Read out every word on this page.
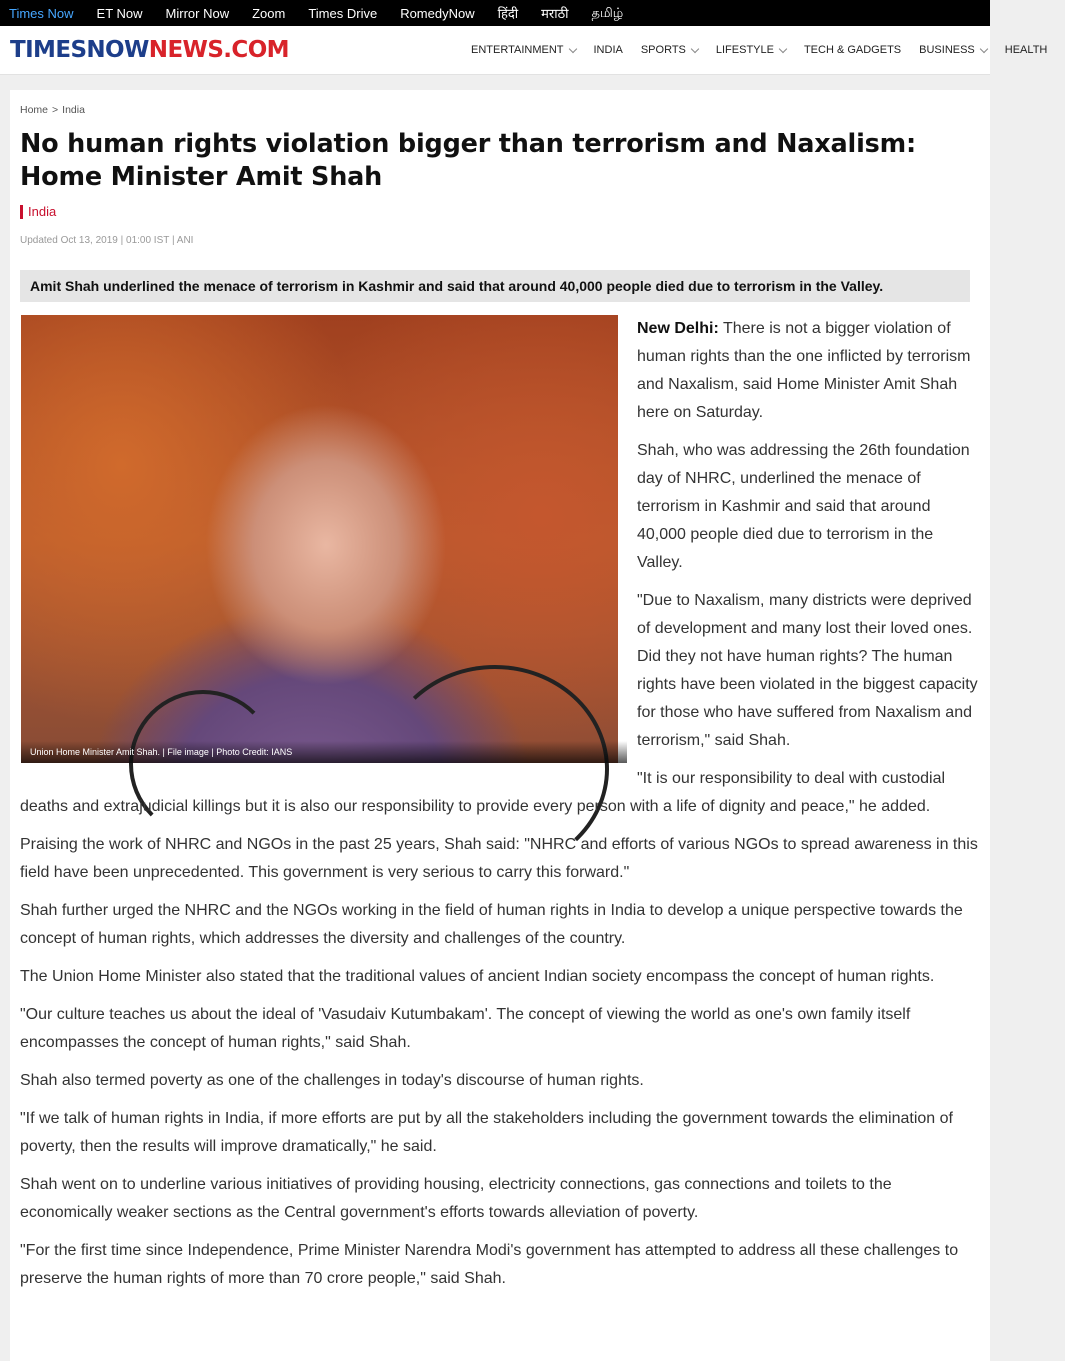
Times Now ET Now Mirror Now Zoom Times Drive RomedyNow हिंदी मराठी தமிழ்
TIMESNOWNEWS.COM	ENTERTAINMENT	INDIA SPORTS	LIFESTYLE	TECH & GADGETS BUSINESS	HEALTH
Home > India
No human rights violation bigger than terrorism and Naxalism: Home Minister Amit Shah
India
Updated Oct 13, 2019 | 01:00 IST | ANI
Amit Shah underlined the menace of terrorism in Kashmir and said that around 40,000 people died due to terrorism in the Valley.
Union Home Minister Amit Shah. | File image | Photo Credit: IANS

New Delhi: There is not a bigger violation of human rights than the one inflicted by terrorism and Naxalism, said Home Minister Amit Shah here on Saturday.

Shah, who was addressing the 26th foundation day of NHRC, underlined the menace of terrorism in Kashmir and said that around 40,000 people died due to terrorism in the Valley.

"Due to Naxalism, many districts were deprived of development and many lost their loved ones. Did they not have human rights? The human rights have been violated in the biggest capacity for those who have suffered from Naxalism and terrorism," said Shah.

"It is our responsibility to deal with custodial deaths and extrajudicial killings but it is also our responsibility to provide every person with a life of dignity and peace," he added.

Praising the work of NHRC and NGOs in the past 25 years, Shah said: "NHRC and efforts of various NGOs to spread awareness in this field have been unprecedented. This government is very serious to carry this forward."

Shah further urged the NHRC and the NGOs working in the field of human rights in India to develop a unique perspective towards the concept of human rights, which addresses the diversity and challenges of the country.

The Union Home Minister also stated that the traditional values of ancient Indian society encompass the concept of human rights.

"Our culture teaches us about the ideal of 'Vasudaiv Kutumbakam'. The concept of viewing the world as one's own family itself encompasses the concept of human rights," said Shah.

Shah also termed poverty as one of the challenges in today's discourse of human rights.

"If we talk of human rights in India, if more efforts are put by all the stakeholders including the government towards the elimination of poverty, then the results will improve dramatically," he said.

Shah went on to underline various initiatives of providing housing, electricity connections, gas connections and toilets to the economically weaker sections as the Central government's efforts towards alleviation of poverty.

"For the first time since Independence, Prime Minister Narendra Modi's government has attempted to address all these challenges to preserve the human rights of more than 70 crore people," said Shah.
